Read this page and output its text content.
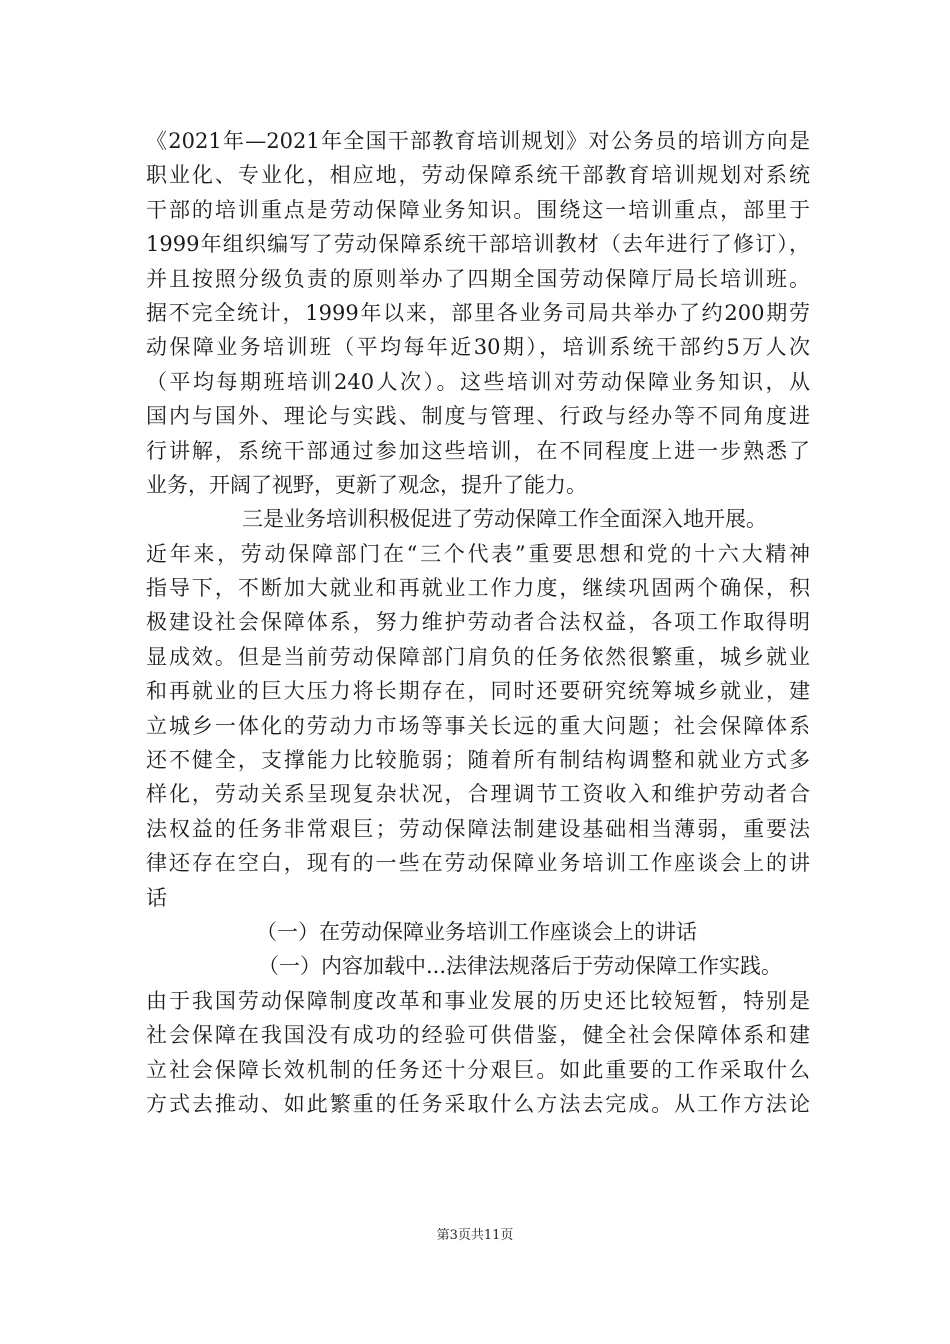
《2021年—2021年全国干部教育培训规划》对公务员的培训方向是
职业化、专业化，相应地，劳动保障系统干部教育培训规划对系统
干部的培训重点是劳动保障业务知识。围绕这一培训重点，部里于
1999年组织编写了劳动保障系统干部培训教材（去年进行了修订），
并且按照分级负责的原则举办了四期全国劳动保障厅局长培训班。
据不完全统计，1999年以来，部里各业务司局共举办了约200期劳
动保障业务培训班（平均每年近30期），培训系统干部约5万人次
（平均每期班培训240人次）。这些培训对劳动保障业务知识，从
国内与国外、理论与实践、制度与管理、行政与经办等不同角度进
行讲解，系统干部通过参加这些培训，在不同程度上进一步熟悉了
业务，开阔了视野，更新了观念，提升了能力。
三是业务培训积极促进了劳动保障工作全面深入地开展。
近年来，劳动保障部门在“三个代表”重要思想和党的十六大精神
指导下，不断加大就业和再就业工作力度，继续巩固两个确保，积
极建设社会保障体系，努力维护劳动者合法权益，各项工作取得明
显成效。但是当前劳动保障部门肩负的任务依然很繁重，城乡就业
和再就业的巨大压力将长期存在，同时还要研究统筹城乡就业，建
立城乡一体化的劳动力市场等事关长远的重大问题；社会保障体系
还不健全，支撑能力比较脆弱；随着所有制结构调整和就业方式多
样化，劳动关系呈现复杂状况，合理调节工资收入和维护劳动者合
法权益的任务非常艰巨；劳动保障法制建设基础相当薄弱，重要法
律还存在空白，现有的一些在劳动保障业务培训工作座谈会上的讲
话
（一）在劳动保障业务培训工作座谈会上的讲话
（一）内容加载中...法律法规落后于劳动保障工作实践。
由于我国劳动保障制度改革和事业发展的历史还比较短暂，特别是
社会保障在我国没有成功的经验可供借鉴，健全社会保障体系和建
立社会保障长效机制的任务还十分艰巨。如此重要的工作采取什么
方式去推动、如此繁重的任务采取什么方法去完成。从工作方法论
第3页共11页
